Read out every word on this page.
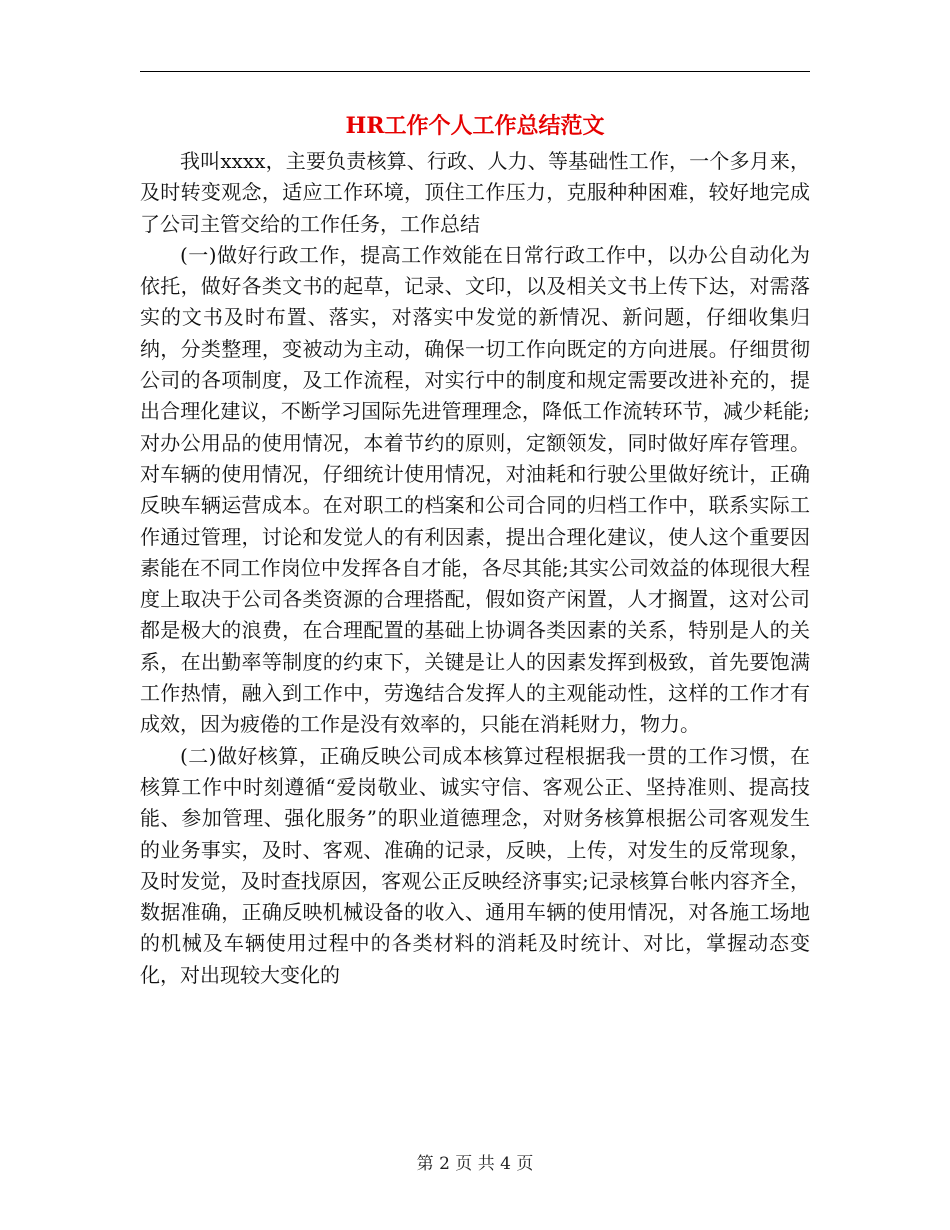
HR工作个人工作总结范文

我叫xxxx，主要负责核算、行政、人力、等基础性工作，一个多月来，及时转变观念，适应工作环境，顶住工作压力，克服种种困难，较好地完成了公司主管交给的工作任务，工作总结

(一)做好行政工作，提高工作效能在日常行政工作中，以办公自动化为依托，做好各类文书的起草，记录、文印，以及相关文书上传下达，对需落实的文书及时布置、落实，对落实中发觉的新情况、新问题，仔细收集归纳，分类整理，变被动为主动，确保一切工作向既定的方向进展。仔细贯彻公司的各项制度，及工作流程，对实行中的制度和规定需要改进补充的，提出合理化建议，不断学习国际先进管理理念，降低工作流转环节，减少耗能;对办公用品的使用情况，本着节约的原则，定额领发，同时做好库存管理。对车辆的使用情况，仔细统计使用情况，对油耗和行驶公里做好统计，正确反映车辆运营成本。在对职工的档案和公司合同的归档工作中，联系实际工作通过管理，讨论和发觉人的有利因素，提出合理化建议，使人这个重要因素能在不同工作岗位中发挥各自才能，各尽其能;其实公司效益的体现很大程度上取决于公司各类资源的合理搭配，假如资产闲置，人才搁置，这对公司都是极大的浪费，在合理配置的基础上协调各类因素的关系，特别是人的关系，在出勤率等制度的约束下，关键是让人的因素发挥到极致，首先要饱满工作热情，融入到工作中，劳逸结合发挥人的主观能动性，这样的工作才有成效，因为疲倦的工作是没有效率的，只能在消耗财力，物力。

(二)做好核算，正确反映公司成本核算过程根据我一贯的工作习惯，在核算工作中时刻遵循“爱岗敬业、诚实守信、客观公正、坚持准则、提高技能、参加管理、强化服务”的职业道德理念，对财务核算根据公司客观发生的业务事实，及时、客观、准确的记录，反映，上传，对发生的反常现象，及时发觉，及时查找原因，客观公正反映经济事实;记录核算台帐内容齐全，数据准确，正确反映机械设备的收入、通用车辆的使用情况，对各施工场地的机械及车辆使用过程中的各类材料的消耗及时统计、对比，掌握动态变化，对出现较大变化的

第 2 页 共 4 页
